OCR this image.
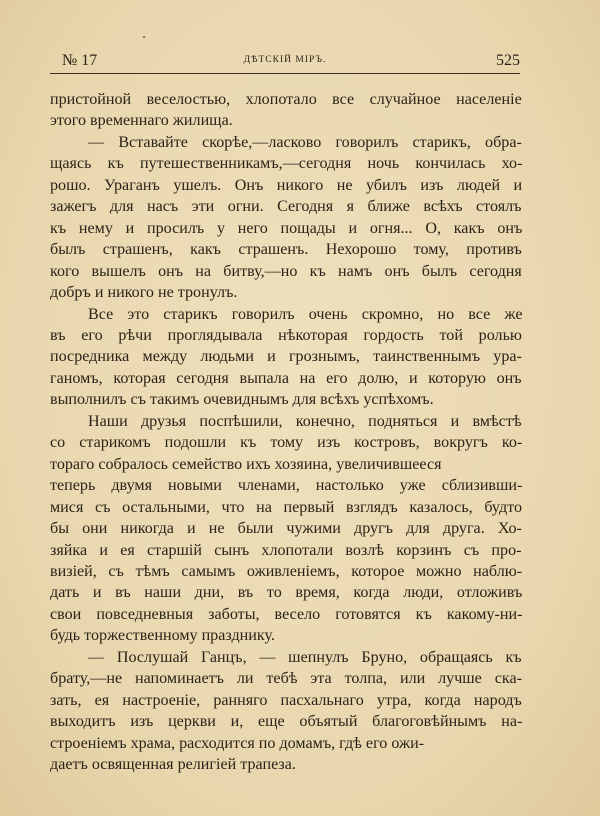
№ 17	ДѢТСКІЙ МІРЪ.	525

пристойной веселостью, хлопотало все случайное населеніе
этого временнаго жилища.

— Вставайте скорѣе,—ласково говорилъ старикъ, обра-
щаясь къ путешественникамъ,—сегодня ночь кончилась хо-
рошо. Ураганъ ушелъ. Онъ никого не убилъ изъ людей и
зажегъ для насъ эти огни. Сегодня я ближе всѣхъ стоялъ
къ нему и просилъ у него пощады и огня... О, какъ онъ
былъ страшенъ, какъ страшенъ. Нехорошо тому, противъ
кого вышелъ онъ на битву,—но къ намъ онъ былъ сегодня
добръ и никого не тронулъ.

Все это старикъ говорилъ очень скромно, но все же
въ его рѣчи проглядывала нѣкоторая гордость той ролью
посредника между людьми и грознымъ, таинственнымъ ура-
ганомъ, которая сегодня выпала на его долю, и которую онъ
выполнилъ съ такимъ очевиднымъ для всѣхъ успѣхомъ.

Наши друзья поспѣшили, конечно, подняться и вмѣстѣ
со старикомъ подошли къ тому изъ костровъ, вокругъ ко-
тораго собралось семейство ихъ хозяина, увеличившееся
теперь двумя новыми членами, настолько уже сблизивши-
мися съ остальными, что на первый взглядъ казалось, будто
бы они никогда и не были чужими другъ для друга. Хо-
зяйка и ея старшій сынъ хлопотали возлѣ корзинъ съ про-
визіей, съ тѣмъ самымъ оживленіемъ, которое можно наблю-
дать и въ наши дни, въ то время, когда люди, отложивъ
свои повседневныя заботы, весело готовятся къ какому-ни-
будь торжественному празднику.

— Послушай Ганцъ, — шепнулъ Бруно, обращаясь къ
брату,—не напоминаетъ ли тебѣ эта толпа, или лучше ска-
зать, ея настроеніе, ранняго пасхальнаго утра, когда народъ
выходитъ изъ церкви и, еще объятый благоговѣйнымъ на-
строеніемъ храма, расходится по домамъ, гдѣ его ожи-
даетъ освященная религіей трапеза.
